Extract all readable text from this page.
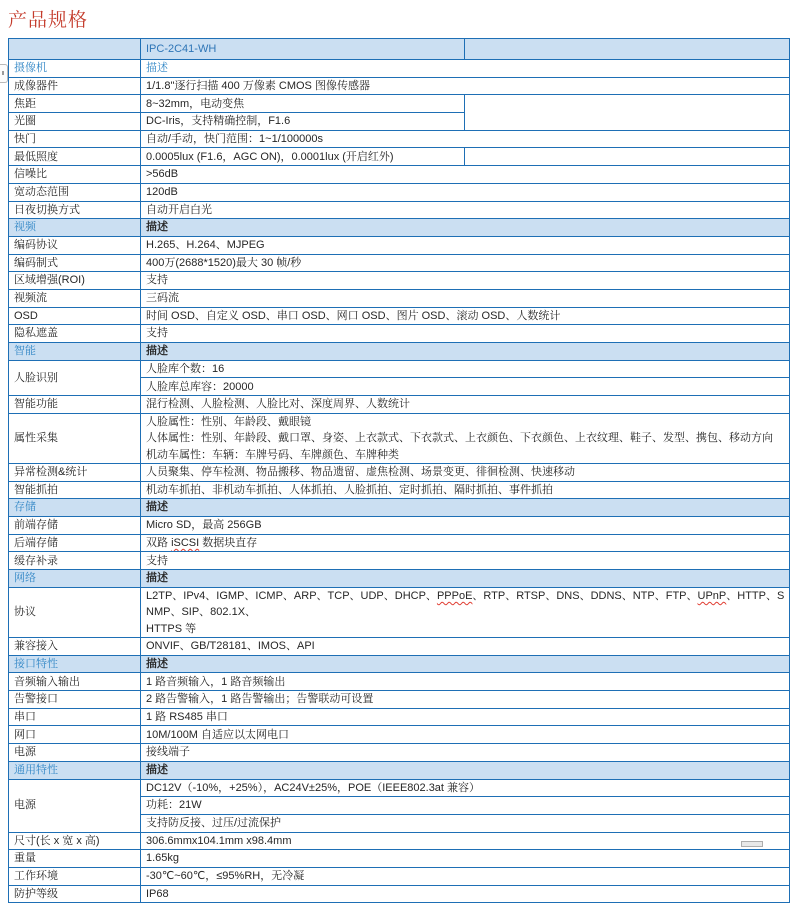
产品规格
	IPC-2C41-WH	
摄像机	描述	
成像器件	1/1.8"逐行扫描 400 万像素 CMOS 图像传感器	
焦距	8~32mm，电动变焦	
光圈	DC-Iris，支持精确控制，F1.6	
快门	自动/手动，快门范围：1~1/100000s	
最低照度	0.0005lux (F1.6，AGC ON)，0.0001lux (开启红外)	
信噪比	>56dB	
宽动态范围	120dB	
日夜切换方式	自动开启白光	
视频	描述	
编码协议	H.265、H.264、MJPEG	
编码制式	400万(2688*1520)最大 30 帧/秒	
区域增强(ROI)	支持	
视频流	三码流	
OSD	时间 OSD、自定义 OSD、串口 OSD、网口 OSD、图片 OSD、滚动 OSD、人数统计	
隐私遮盖	支持	
智能	描述	
人脸识别	人脸库个数：16	
	人脸库总库容：20000	
智能功能	混行检测、人脸检测、人脸比对、深度周界、人数统计	
属性采集	人脸属性：性别、年龄段、戴眼镜
人体属性：性别、年龄段、戴口罩、身姿、上衣款式、下衣款式、上衣颜色、下衣颜色、上衣纹理、鞋子、发型、携包、移动方向
机动车属性：车辆：车牌号码、车牌颜色、车牌种类	
异常检测&统计	人员聚集、停车检测、物品搬移、物品遗留、虚焦检测、场景变更、徘徊检测、快速移动	
智能抓拍	机动车抓拍、非机动车抓拍、人体抓拍、人脸抓拍、定时抓拍、隔时抓拍、事件抓拍	
存储	描述	
前端存储	Micro SD，最高 256GB	
后端存储	双路 iSCSI 数据块直存	
缓存补录	支持	
网络	描述	
协议	L2TP、IPv4、IGMP、ICMP、ARP、TCP、UDP、DHCP、PPPoE、RTP、RTSP、DNS、DDNS、NTP、FTP、UPnP、HTTP、SNMP、SIP、802.1X、
HTTPS 等	
兼容接入	ONVIF、GB/T28181、IMOS、API	
接口特性	描述	
音频输入输出	1 路音频输入，1 路音频输出	
告警接口	2 路告警输入，1 路告警输出；告警联动可设置	
串口	1 路 RS485 串口	
网口	10M/100M 自适应以太网电口	
电源	接线端子	
通用特性	描述	
电源	DC12V（-10%，+25%），AC24V±25%，POE（IEEE802.3at 兼容）	
	功耗：21W	
	支持防反接、过压/过流保护	
尺寸(长 x 宽 x 高)	306.6mmx104.1mm x98.4mm	
重量	1.65kg	
工作环境	-30℃~60℃，≤95%RH，无冷凝	
防护等级	IP68	
